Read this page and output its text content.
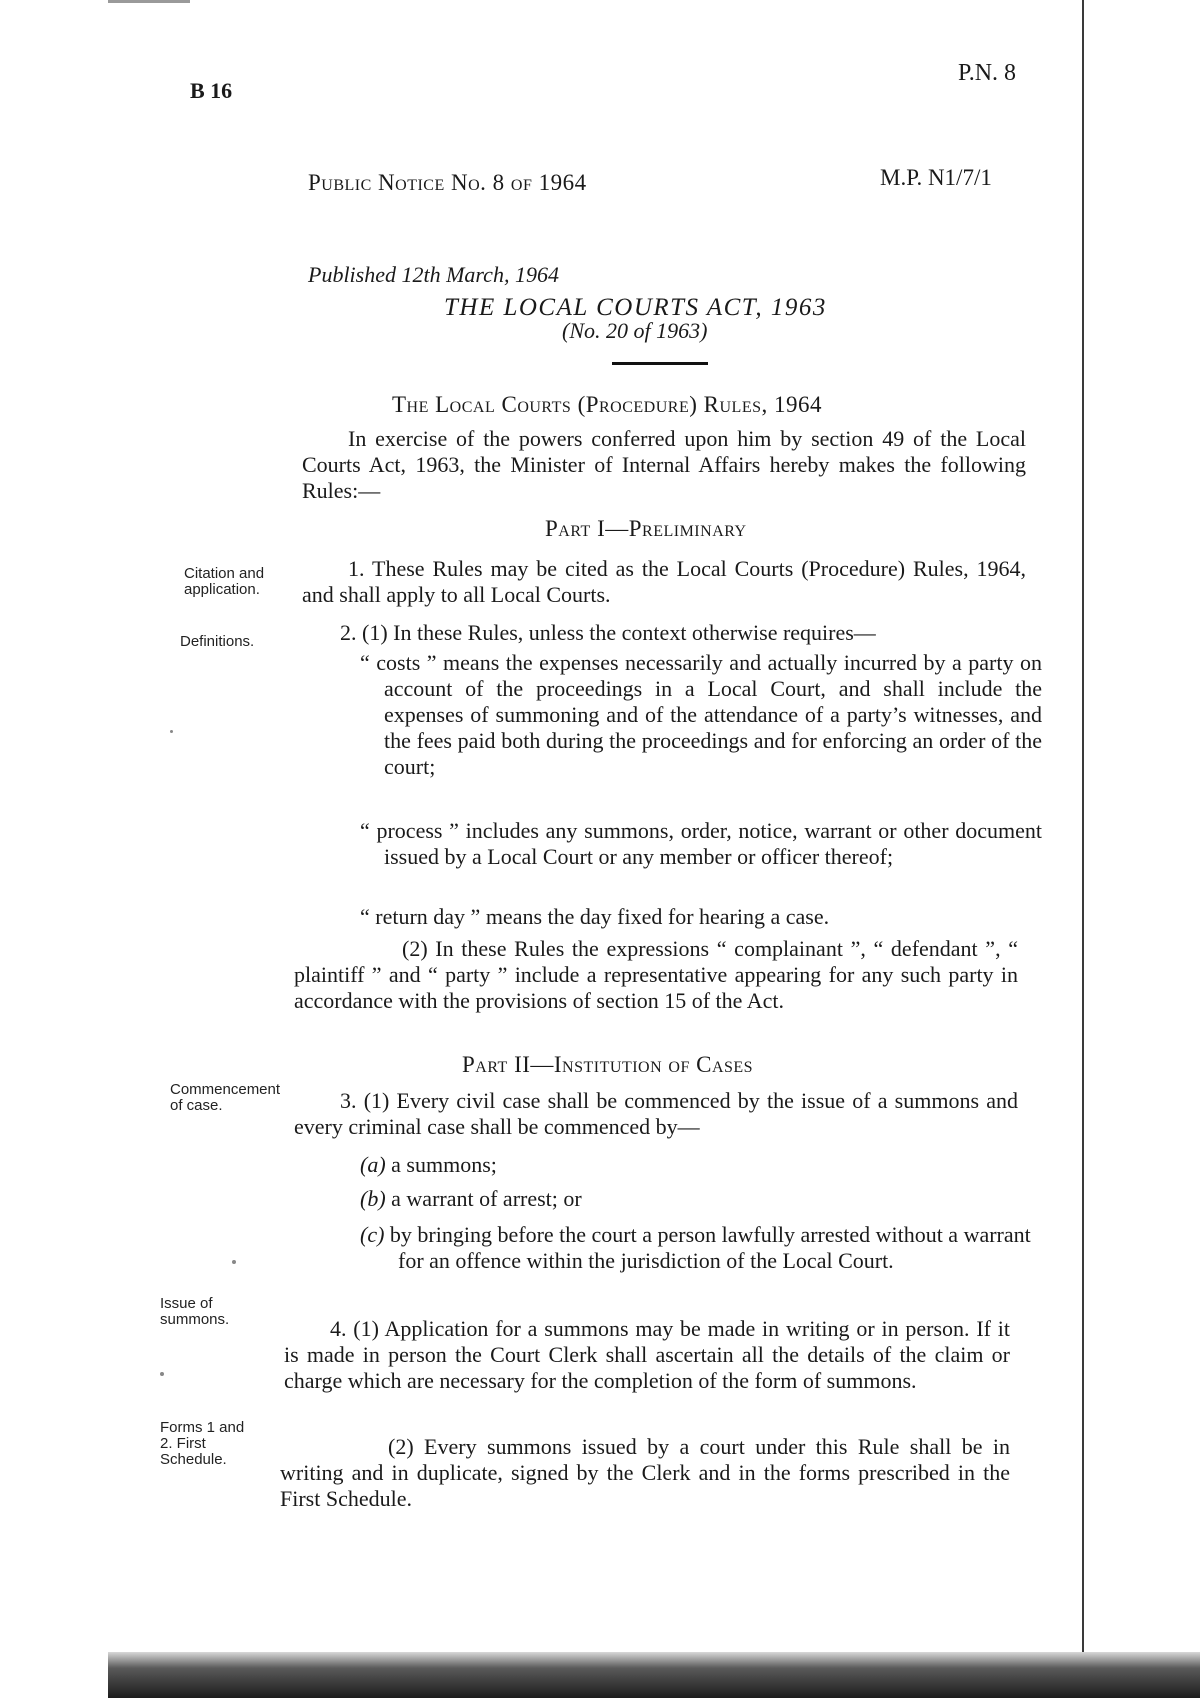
B 16
P.N. 8
Public Notice No. 8 of 1964	M.P. N1/7/1
Published 12th March, 1964
THE LOCAL COURTS ACT, 1963
(No. 20 of 1963)
The Local Courts (Procedure) Rules, 1964
In exercise of the powers conferred upon him by section 49 of the Local Courts Act, 1963, the Minister of Internal Affairs hereby makes the following Rules:—
Part I—Preliminary
Citation and application.
1. These Rules may be cited as the Local Courts (Procedure) Rules, 1964, and shall apply to all Local Courts.
Definitions.	2. (1) In these Rules, unless the context otherwise requires—
“ costs ” means the expenses necessarily and actually incurred by a party on account of the proceedings in a Local Court, and shall include the expenses of summoning and of the attendance of a party’s witnesses, and the fees paid both during the proceedings and for enforcing an order of the court;
“ process ” includes any summons, order, notice, warrant or other document issued by a Local Court or any member or officer thereof;
“ return day ” means the day fixed for hearing a case.
(2) In these Rules the expressions “ complainant ”, “ defendant ”, “ plaintiff ” and “ party ” include a representative appearing for any such party in accordance with the provisions of section 15 of the Act.
Part II—Institution of Cases
Commencement of case.	3. (1) Every civil case shall be commenced by the issue of a summons and every criminal case shall be commenced by—
(a) a summons;
(b) a warrant of arrest; or
(c) by bringing before the court a person lawfully arrested without a warrant for an offence within the jurisdiction of the Local Court.
Issue of summons.	4. (1) Application for a summons may be made in writing or in person. If it is made in person the Court Clerk shall ascertain all the details of the claim or charge which are necessary for the completion of the form of summons.
Forms 1 and 2. First Schedule.
(2) Every summons issued by a court under this Rule shall be in writing and in duplicate, signed by the Clerk and in the forms prescribed in the First Schedule.
